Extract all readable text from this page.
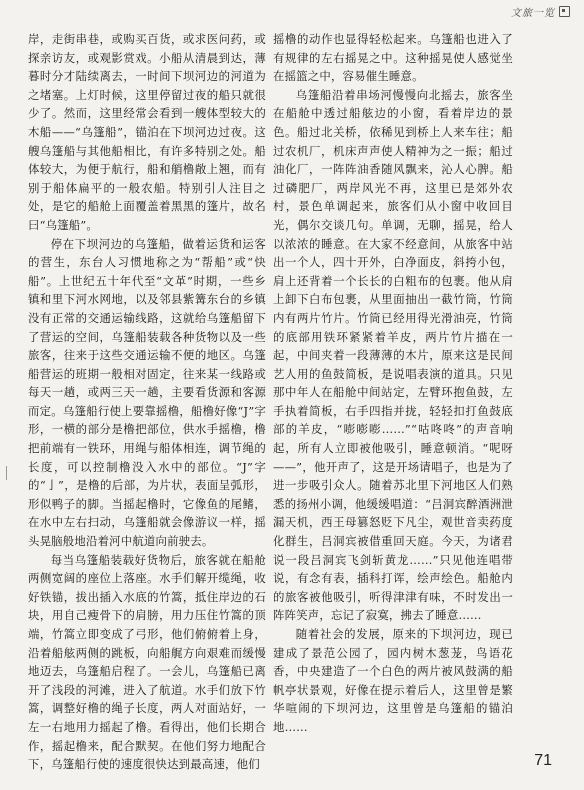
文旅一览

岸，走街串巷，或购买百货，或求医问药，或探亲访友，或观影赏戏。小船从清晨到达，薄暮时分才陆续离去，一时间下坝河边的河道为之堵塞。上灯时候，这里停留过夜的船只就很少了。然而，这里经常会看到一艘体型较大的木船——“乌篷船”，锚泊在下坝河边过夜。这艘乌篷船与其他船相比，有许多特别之处。船体较大，为便于航行，船和艄橹敞上翘，而有别于船体扁平的一般农船。特别引人注目之处，是它的船舱上面覆盖着黑黑的篷片，故名曰“乌篷船”。

停在下坝河边的乌篷船，做着运货和运客的营生，东台人习惯地称之为“帮船”或“快船”。上世纪五十年代至“文革”时期，一些乡镇和里下河水网地，以及邻县紫篝东台的乡镇没有正常的交通运输线路，这就给乌篷船留下了营运的空间，乌篷船装载各种货物以及一些旅客，往来于这些交通运输不便的地区。乌篷船营运的班期一般相对固定，往来某一线路或每天一趟，或两三天一趟，主要看货源和客源而定。乌篷船行使上要靠摇橹，船橹好像“J”字形，一横的部分是橹把部位，供水手摇橹，橹把前端有一铁环，用绳与船体相连，调节绳的长度，可以控制橹没入水中的部位。“J”字的“亅”，是橹的后部，为片状，表面呈弧形，形似鸭子的脚。当摇起橹时，它像鱼的尾鳍，在水中左右扫动，乌篷船就会像游议一样，摇头晃脑般地沿着河中航道向前驶去。

每当乌篷船装载好货物后，旅客就在船舱两侧宽阔的座位上落座。水手们解开缆绳，收好铁锚，拔出插入水底的竹篙，抵住岸边的石块，用自己瘦骨下的肩膀，用力压住竹篙的顶端，竹篙立即变成了弓形，他们俯俯着上身，沿着船舷两侧的跳板，向船艉方向艰难而缓慢地迈去，乌篷船启程了。一会儿，乌篷船已离开了浅段的河滩，进入了航道。水手们放下竹篙，调整好橹的绳子长度，两人对面站好，一左一右地用力摇起了橹。看得出，他们长期合作，摇起橹来，配合默契。在他们努力地配合下，乌篷船行使的速度很快达到最高速，他们

摇橹的动作也显得轻松起来。乌篷船也进入了有规律的左右摇晃之中。这种摇晃使人感觉坐在摇篮之中，容易催生睡意。

乌篷船沿着串场河慢慢向北摇去，旅客坐在船舱中透过船舷边的小窗，看着岸边的景色。船过北关桥，依稀见到桥上人来车往；船过农机厂，机床声声使人精神为之一振；船过油化厂，一阵阵油香随风飘来，沁人心脾。船过磷肥厂，两岸风光不再，这里已是郊外农村，景色单调起来，旅客们从小窗中收回目光，偶尔交谈几句。单调，无聊，摇晃，给人以浓浓的睡意。在大家不经意间，从旅客中站出一个人，四十开外，白净面皮，斜挎小包，肩上还背着一个长长的白粗布的包裹。他从肩上卸下白布包裹，从里面抽出一截竹筒，竹筒内有两片竹片。竹筒已经用得光滑油亮，竹筒的底部用铁环紧紧着羊皮，两片竹片描在一起，中间夹着一段薄薄的木片，原来这是民间艺人用的鱼鼓简板，是说唱表演的道具。只见那中年人在船舱中间站定，左臂环抱鱼鼓，左手执着简板，右手四指并拢，轻轻扣打鱼鼓底部的羊皮，“嘭嘭嘭……”“咕咚咚”的声音响起，所有人立即被他吸引，睡意顿消。“呢呀——”，他开声了，这是开场请唱子，也是为了进一步吸引众人。随着苏北里下河地区人们熟悉的扬州小调，他缓缓唱道：“吕洞宾醉酒洲泄漏天机，西王母篡怒贬下凡尘，观世音卖药度化群生，吕洞宾被借重回天庭。今天，为诸君说一段吕洞宾飞剑斩黄龙……”只见他连唱带说，有念有表，插科打诨，绘声绘色。船舱内的旅客被他吸引，听得津津有味，不时发出一阵阵笑声，忘记了寂寞，拂去了睡意……

随着社会的发展，原来的下坝河边，现已建成了景范公园了，园内树木葱茏，鸟语花香，中央建造了一个白色的两片被风鼓满的船帆亭状景观，好像在提示着后人，这里曾是繁华喧闹的下坝河边，这里曾是乌篷船的锚泊地……

71
